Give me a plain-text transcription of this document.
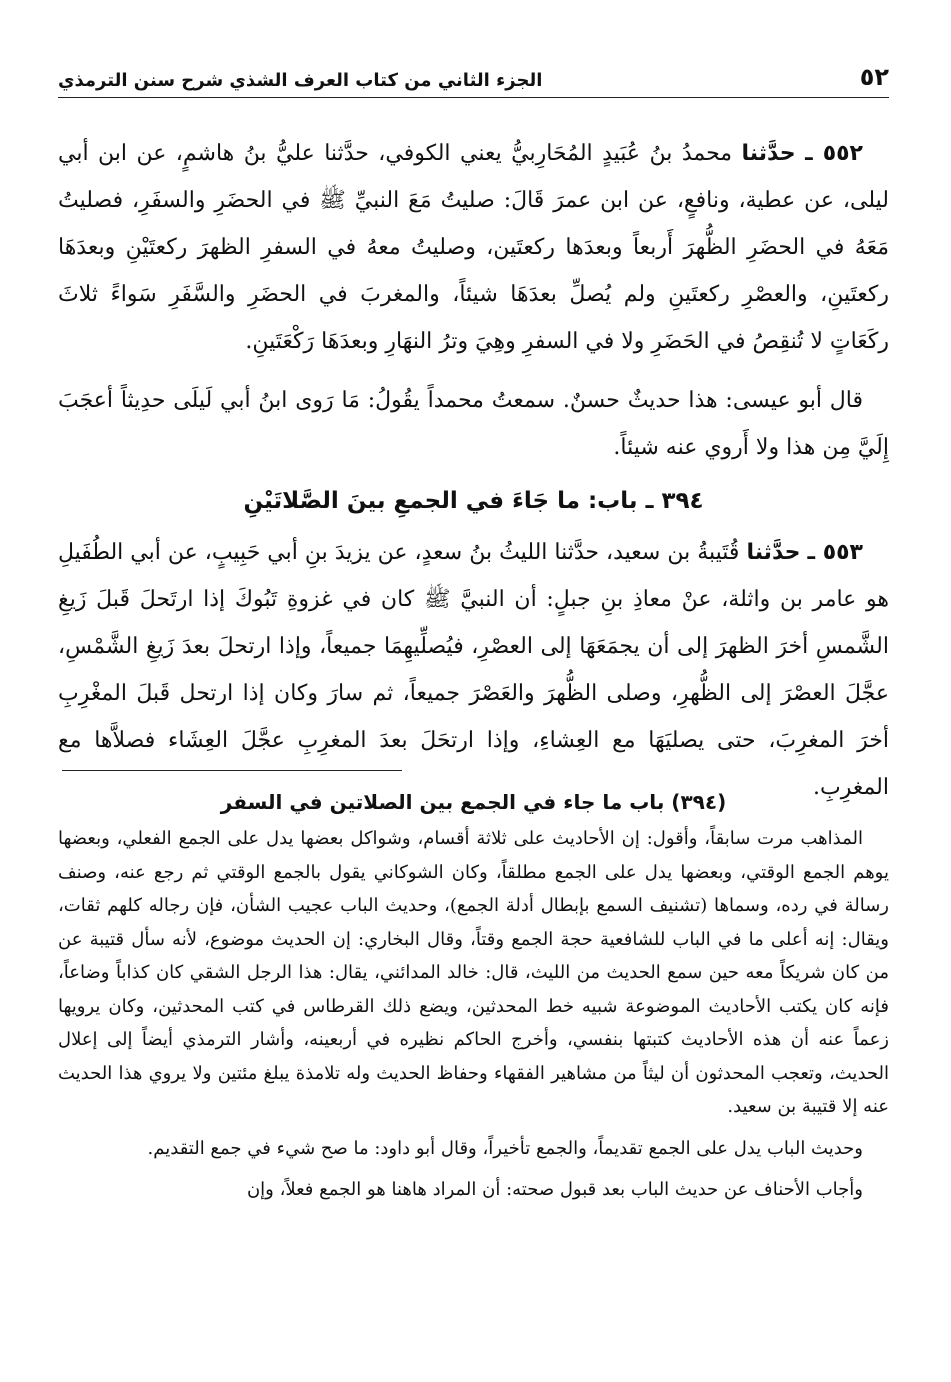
٥٢
الجزء الثاني من كتاب العرف الشذي شرح سنن الترمذي

٥٥٢ ـ حدَّثنا محمدُ بنُ عُبَيدٍ المُحَارِبيُّ يعني الكوفي، حدَّثنا عليُّ بنُ هاشمٍ، عن ابن أبي ليلى، عن عطية، ونافعٍ، عن ابن عمرَ قَالَ: صليتُ مَعَ النبيِّ ﷺ في الحضَرِ والسفَرِ، فصليتُ مَعَهُ في الحضَرِ الظُّهرَ أَربعاً وبعدَها ركعتَين، وصليتُ معهُ في السفرِ الظهرَ ركعتَيْنِ وبعدَهَا ركعتَينِ، والعصْرِ ركعتَينِ ولم يُصلِّ بعدَهَا شيئاً، والمغربَ في الحضَرِ والسَّفَرِ سَواءً ثلاثَ ركَعَاتٍ لا تُنقِصُ في الحَضَرِ ولا في السفرِ وهِيَ وترُ النهَارِ وبعدَهَا رَكْعَتَينِ.

قال أبو عيسى: هذا حديثٌ حسنٌ. سمعتُ محمداً يقُولُ: مَا رَوى ابنُ أبي لَيلَى حدِيثاً أعجَبَ إِلَيَّ مِن هذا ولا أَروي عنه شيئاً.

٣٩٤ ـ باب: ما جَاءَ في الجمعِ بينَ الصَّلاتَيْنِ

٥٥٣ ـ حدَّثنا قُتَيبةُ بن سعيد، حدَّثنا الليثُ بنُ سعدٍ، عن يزيدَ بنِ أبي حَبِيبٍ، عن أبي الطُفَيلِ هو عامر بن واثلة، عنْ معاذِ بنِ جبلٍ: أن النبيَّ ﷺ كان في غزوةِ تَبُوكَ إذا ارتَحلَ قَبلَ زَيغِ الشَّمسِ أخرَ الظهرَ إلى أن يجمَعَهَا إلى العصْرِ، فيُصلِّيهِمَا جميعاً، وإذا ارتحلَ بعدَ زَيغِ الشَّمْسِ، عجَّلَ العصْرَ إلى الظُّهرِ، وصلى الظُّهرَ والعَصْرَ جميعاً، ثم سارَ وكان إذا ارتحل قَبلَ المغْرِبِ أخرَ المغرِبَ، حتى يصليَهَا مع العِشاءِ، وإذا ارتحَلَ بعدَ المغرِبِ عجَّلَ العِشَاء فصلاَّها مع المغرِبِ.

(٣٩٤) باب ما جاء في الجمع بين الصلاتين في السفر

المذاهب مرت سابقاً، وأقول: إن الأحاديث على ثلاثة أقسام، وشواكل بعضها يدل على الجمع الفعلي، وبعضها يوهم الجمع الوقتي، وبعضها يدل على الجمع مطلقاً، وكان الشوكاني يقول بالجمع الوقتي ثم رجع عنه، وصنف رسالة في رده، وسماها (تشنيف السمع بإبطال أدلة الجمع)، وحديث الباب عجيب الشأن، فإن رجاله كلهم ثقات، ويقال: إنه أعلى ما في الباب للشافعية حجة الجمع وقتاً، وقال البخاري: إن الحديث موضوع، لأنه سأل قتيبة عن من كان شريكاً معه حين سمع الحديث من الليث، قال: خالد المدائني، يقال: هذا الرجل الشقي كان كذاباً وضاعاً، فإنه كان يكتب الأحاديث الموضوعة شبيه خط المحدثين، ويضع ذلك القرطاس في كتب المحدثين، وكان يرويها زعماً عنه أن هذه الأحاديث كتبتها بنفسي، وأخرج الحاكم نظيره في أربعينه، وأشار الترمذي أيضاً إلى إعلال الحديث، وتعجب المحدثون أن ليثاً من مشاهير الفقهاء وحفاظ الحديث وله تلامذة يبلغ مئتين ولا يروي هذا الحديث عنه إلا قتيبة بن سعيد.

وحديث الباب يدل على الجمع تقديماً، والجمع تأخيراً، وقال أبو داود: ما صح شيء في جمع التقديم.

وأجاب الأحناف عن حديث الباب بعد قبول صحته: أن المراد هاهنا هو الجمع فعلاً، وإن
